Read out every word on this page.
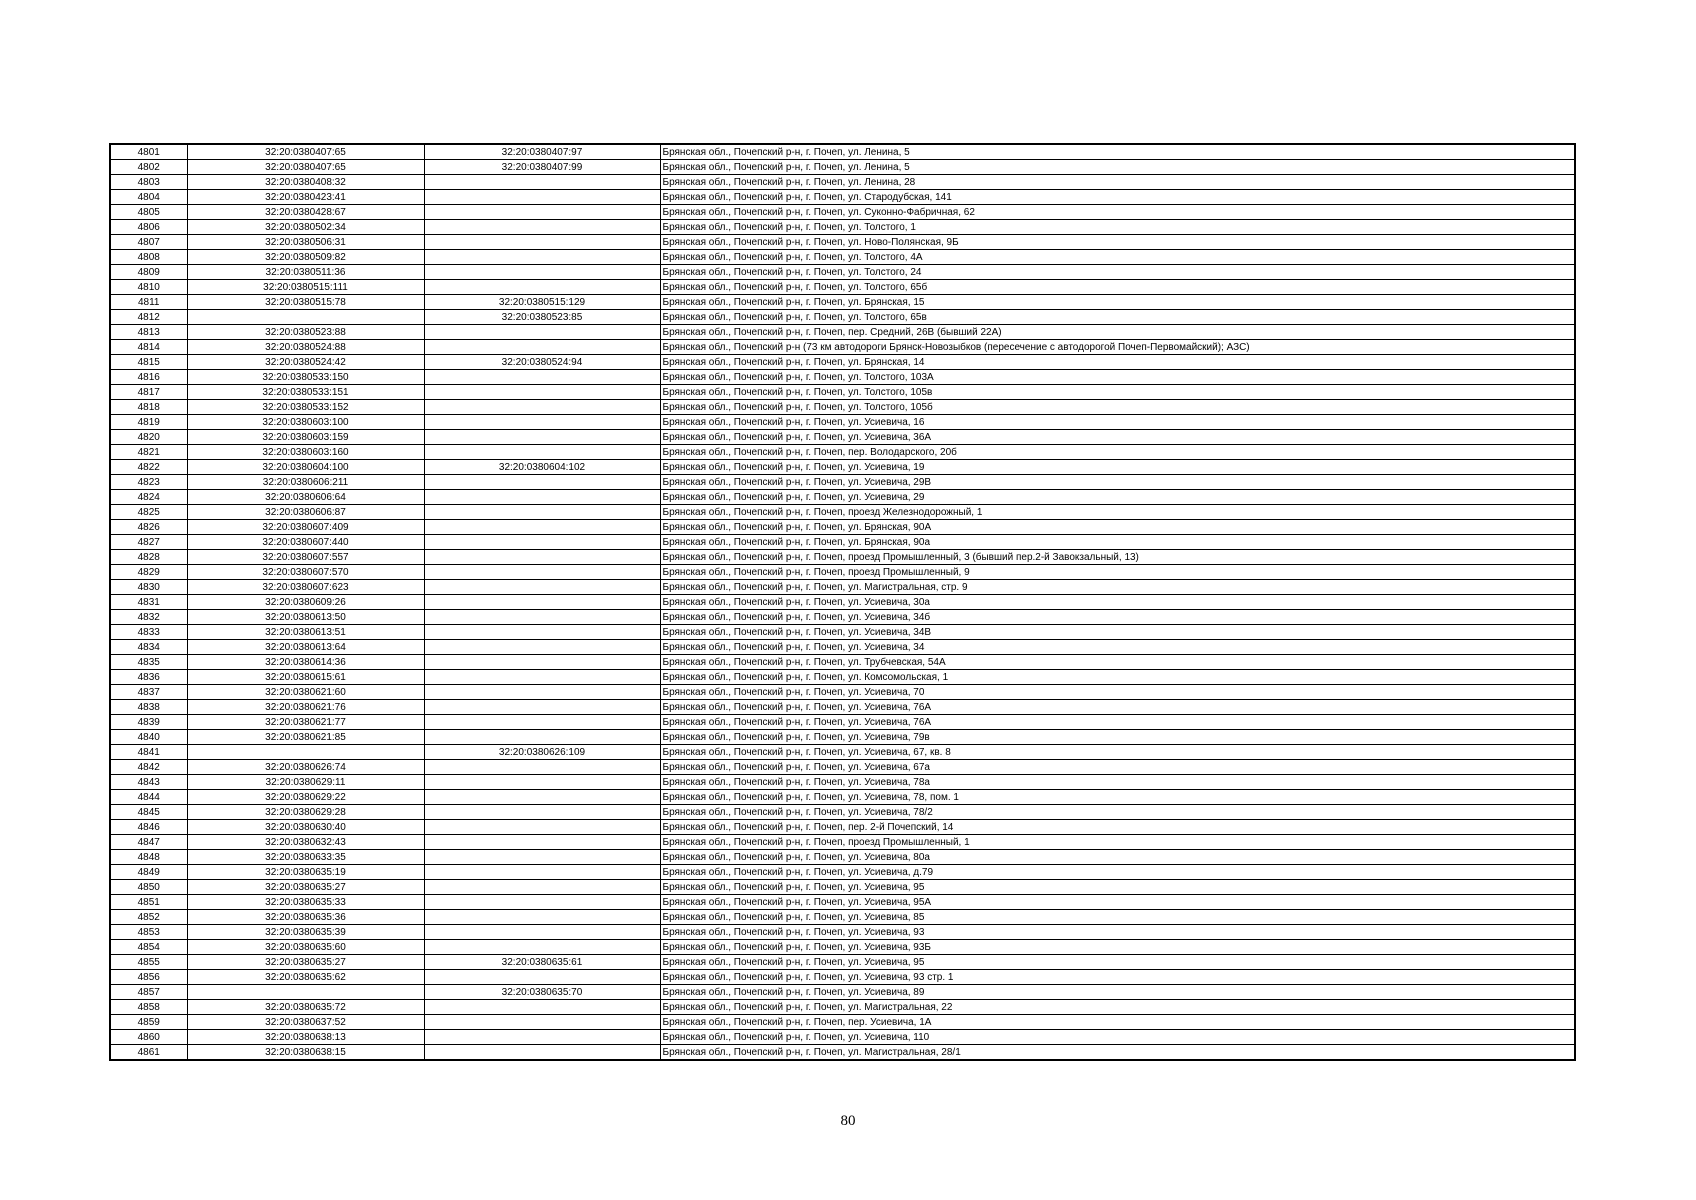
4801	32:20:0380407:65	32:20:0380407:97	Брянская обл., Почепский р-н, г. Почеп, ул. Ленина, 5
4802	32:20:0380407:65	32:20:0380407:99	Брянская обл., Почепский р-н, г. Почеп, ул. Ленина, 5
4803	32:20:0380408:32		Брянская обл., Почепский р-н, г. Почеп, ул. Ленина, 28
4804	32:20:0380423:41		Брянская обл., Почепский р-н, г. Почеп, ул. Стародубская, 141
4805	32:20:0380428:67		Брянская обл., Почепский р-н, г. Почеп, ул. Суконно-Фабричная, 62
4806	32:20:0380502:34		Брянская обл., Почепский р-н, г. Почеп, ул. Толстого, 1
4807	32:20:0380506:31		Брянская обл., Почепский р-н, г. Почеп, ул. Ново-Полянская, 9Б
4808	32:20:0380509:82		Брянская обл., Почепский р-н, г. Почеп, ул. Толстого, 4А
4809	32:20:0380511:36		Брянская обл., Почепский р-н, г. Почеп, ул. Толстого, 24
4810	32:20:0380515:111		Брянская обл., Почепский р-н, г. Почеп, ул. Толстого, 65б
4811	32:20:0380515:78	32:20:0380515:129	Брянская обл., Почепский р-н, г. Почеп, ул. Брянская, 15
4812		32:20:0380523:85	Брянская обл., Почепский р-н, г. Почеп, ул. Толстого, 65в
4813	32:20:0380523:88		Брянская обл., Почепский р-н, г. Почеп, пер. Средний, 26В (бывший 22А)
4814	32:20:0380524:88		Брянская обл., Почепский р-н (73 км автодороги Брянск-Новозыбков (пересечение с автодорогой Почеп-Первомайский); АЗС)
4815	32:20:0380524:42	32:20:0380524:94	Брянская обл., Почепский р-н, г. Почеп, ул. Брянская, 14
4816	32:20:0380533:150		Брянская обл., Почепский р-н, г. Почеп, ул. Толстого, 103А
4817	32:20:0380533:151		Брянская обл., Почепский р-н, г. Почеп, ул. Толстого, 105в
4818	32:20:0380533:152		Брянская обл., Почепский р-н, г. Почеп, ул. Толстого, 105б
4819	32:20:0380603:100		Брянская обл., Почепский р-н, г. Почеп, ул. Усиевича, 16
4820	32:20:0380603:159		Брянская обл., Почепский р-н, г. Почеп, ул. Усиевича, 36А
4821	32:20:0380603:160		Брянская обл., Почепский р-н, г. Почеп, пер. Володарского, 20б
4822	32:20:0380604:100	32:20:0380604:102	Брянская обл., Почепский р-н, г. Почеп, ул. Усиевича, 19
4823	32:20:0380606:211		Брянская обл., Почепский р-н, г. Почеп, ул. Усиевича, 29В
4824	32:20:0380606:64		Брянская обл., Почепский р-н, г. Почеп, ул. Усиевича, 29
4825	32:20:0380606:87		Брянская обл., Почепский р-н, г. Почеп, проезд Железнодорожный, 1
4826	32:20:0380607:409		Брянская обл., Почепский р-н, г. Почеп, ул. Брянская, 90А
4827	32:20:0380607:440		Брянская обл., Почепский р-н, г. Почеп, ул. Брянская, 90а
4828	32:20:0380607:557		Брянская обл., Почепский р-н, г. Почеп, проезд Промышленный, 3 (бывший пер.2-й Завокзальный, 13)
4829	32:20:0380607:570		Брянская обл., Почепский р-н, г. Почеп, проезд Промышленный, 9
4830	32:20:0380607:623		Брянская обл., Почепский р-н, г. Почеп, ул. Магистральная, стр. 9
4831	32:20:0380609:26		Брянская обл., Почепский р-н, г. Почеп, ул. Усиевича, 30а
4832	32:20:0380613:50		Брянская обл., Почепский р-н, г. Почеп, ул. Усиевича, 34б
4833	32:20:0380613:51		Брянская обл., Почепский р-н, г. Почеп, ул. Усиевича, 34В
4834	32:20:0380613:64		Брянская обл., Почепский р-н, г. Почеп, ул. Усиевича, 34
4835	32:20:0380614:36		Брянская обл., Почепский р-н, г. Почеп, ул. Трубчевская, 54А
4836	32:20:0380615:61		Брянская обл., Почепский р-н, г. Почеп, ул. Комсомольская, 1
4837	32:20:0380621:60		Брянская обл., Почепский р-н, г. Почеп, ул. Усиевича, 70
4838	32:20:0380621:76		Брянская обл., Почепский р-н, г. Почеп, ул. Усиевича, 76А
4839	32:20:0380621:77		Брянская обл., Почепский р-н, г. Почеп, ул. Усиевича, 76А
4840	32:20:0380621:85		Брянская обл., Почепский р-н, г. Почеп, ул. Усиевича, 79в
4841		32:20:0380626:109	Брянская обл., Почепский р-н, г. Почеп, ул. Усиевича, 67, кв. 8
4842	32:20:0380626:74		Брянская обл., Почепский р-н, г. Почеп, ул. Усиевича, 67а
4843	32:20:0380629:11		Брянская обл., Почепский р-н, г. Почеп, ул. Усиевича, 78а
4844	32:20:0380629:22		Брянская обл., Почепский р-н, г. Почеп, ул. Усиевича, 78, пом. 1
4845	32:20:0380629:28		Брянская обл., Почепский р-н, г. Почеп, ул. Усиевича, 78/2
4846	32:20:0380630:40		Брянская обл., Почепский р-н, г. Почеп, пер. 2-й Почепский, 14
4847	32:20:0380632:43		Брянская обл., Почепский р-н, г. Почеп, проезд Промышленный, 1
4848	32:20:0380633:35		Брянская обл., Почепский р-н, г. Почеп, ул. Усиевича, 80а
4849	32:20:0380635:19		Брянская обл., Почепский р-н, г. Почеп, ул. Усиевича, д.79
4850	32:20:0380635:27		Брянская обл., Почепский р-н, г. Почеп, ул. Усиевича, 95
4851	32:20:0380635:33		Брянская обл., Почепский р-н, г. Почеп, ул. Усиевича, 95А
4852	32:20:0380635:36		Брянская обл., Почепский р-н, г. Почеп, ул. Усиевича, 85
4853	32:20:0380635:39		Брянская обл., Почепский р-н, г. Почеп, ул. Усиевича, 93
4854	32:20:0380635:60		Брянская обл., Почепский р-н, г. Почеп, ул. Усиевича, 93Б
4855	32:20:0380635:27	32:20:0380635:61	Брянская обл., Почепский р-н, г. Почеп, ул. Усиевича, 95
4856	32:20:0380635:62		Брянская обл., Почепский р-н, г. Почеп, ул. Усиевича, 93 стр. 1
4857		32:20:0380635:70	Брянская обл., Почепский р-н, г. Почеп, ул. Усиевича, 89
4858	32:20:0380635:72		Брянская обл., Почепский р-н, г. Почеп, ул. Магистральная, 22
4859	32:20:0380637:52		Брянская обл., Почепский р-н, г. Почеп, пер. Усиевича, 1А
4860	32:20:0380638:13		Брянская обл., Почепский р-н, г. Почеп, ул. Усиевича, 110
4861	32:20:0380638:15		Брянская обл., Почепский р-н, г. Почеп, ул. Магистральная, 28/1
80
